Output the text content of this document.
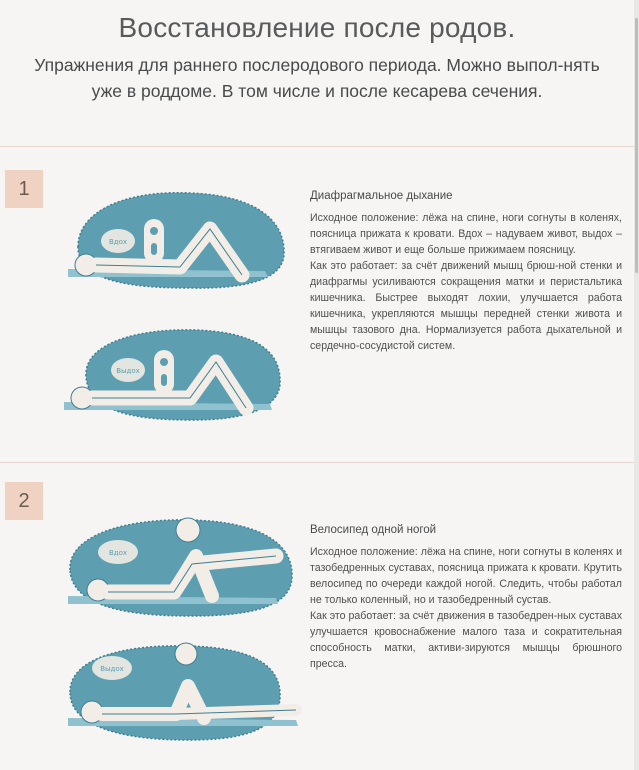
Восстановление после родов.
Упражнения для раннего послеродового периода. Можно выпол-нять уже в роддоме. В том числе и после кесарева сечения.
1
Вдох
Выдох
Диафрагмальное дыхание

Исходное положение: лёжа на спине, ноги согнуты в коленях, поясница прижата к кровати. Вдох – надуваем живот, выдох – втягиваем живот и еще больше прижимаем поясницу.

Как это работает: за счёт движений мышц брюш-ной стенки и диафрагмы усиливаются сокращения матки и перистальтика кишечника. Быстрее выходят лохии, улучшается работа кишечника, укрепляются мышцы передней стенки живота и мышцы тазового дна. Нормализуется работа дыхательной и сердечно-сосудистой систем.

2
Вдох
Выдох
Велосипед одной ногой

Исходное положение: лёжа на спине, ноги согнуты в коленях и тазобедренных суставах, поясница прижата к кровати. Крутить велосипед по очереди каждой ногой. Следить, чтобы работал не только коленный, но и тазобедренный сустав.

Как это работает: за счёт движения в тазобедрен-ных суставах улучшается кровоснабжение малого таза и сократительная способность матки, активи-зируются мышцы брюшного пресса.
